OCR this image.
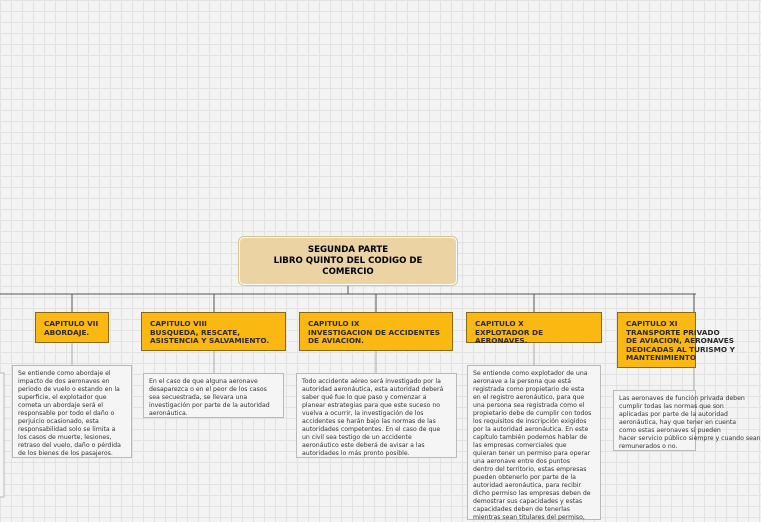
SEGUNDA PARTE
LIBRO QUINTO DEL CODIGO DE
COMERCIO
CAPITULO VII
ABORDAJE.
Se entiende como abordaje el
impacto de dos aeronaves en
periodo de vuelo o estando en la
superficie, el explotador que
cometa un abordaje será el
responsable por todo el daño o
perjuicio ocasionado, esta
responsabilidad solo se limita a
los casos de muerte, lesiones,
retraso del vuelo, daño o pérdida
de los bienes de los pasajeros.
CAPITULO VIII
BUSQUEDA, RESCATE,
ASISTENCIA Y SALVAMIENTO.
En el caso de que alguna aeronave
desaparezca o en el peor de los casos
sea secuestrada, se llevara una
investigación por parte de la autoridad
aeronáutica.
CAPITULO IX
INVESTIGACION DE ACCIDENTES
DE AVIACION.
Todo accidente aéreo será investigado por la
autoridad aeronáutica, esta autoridad deberá
saber qué fue lo que paso y comenzar a
planear estrategias para que este suceso no
vuelva a ocurrir, la investigación de los
accidentes se harán bajo las normas de las
autoridades competentes. En el caso de que
un civil sea testigo de un accidente
aeronáutico este deberá de avisar a las
autoridades lo más pronto posible.
CAPITULO X
EXPLOTADOR DE AERONAVES.
Se entiende como explotador de una
aeronave a la persona que está
registrada como propietario de esta
en el registro aeronáutico, para que
una persona sea registrada como el
propietario debe de cumplir con todos
los requisitos de inscripción exigidos
por la autoridad aeronáutica. En este
capítulo también podemos hablar de
las empresas comerciales que
quieran tener un permiso para operar
una aeronave entre dos puntos
dentro del territorio, estas empresas
pueden obtenerlo por parte de la
autoridad aeronáutica, para recibir
dicho permiso las empresas deben de
demostrar sus capacidades y estas
capacidades deben de tenerlas
mientras sean titulares del permiso,
CAPITULO XI
TRANSPORTE PRIVADO
DE AVIACION, AERONAVES
DEDICADAS AL TURISMO Y
MANTENIMIENTO
Las aeronaves de función privada deben
cumplir todas las normas que son
aplicadas por parte de la autoridad
aeronáutica, hay que tener en cuenta
como estas aeronaves si pueden
hacer servicio público siempre y cuando sean
remunerados o no.
